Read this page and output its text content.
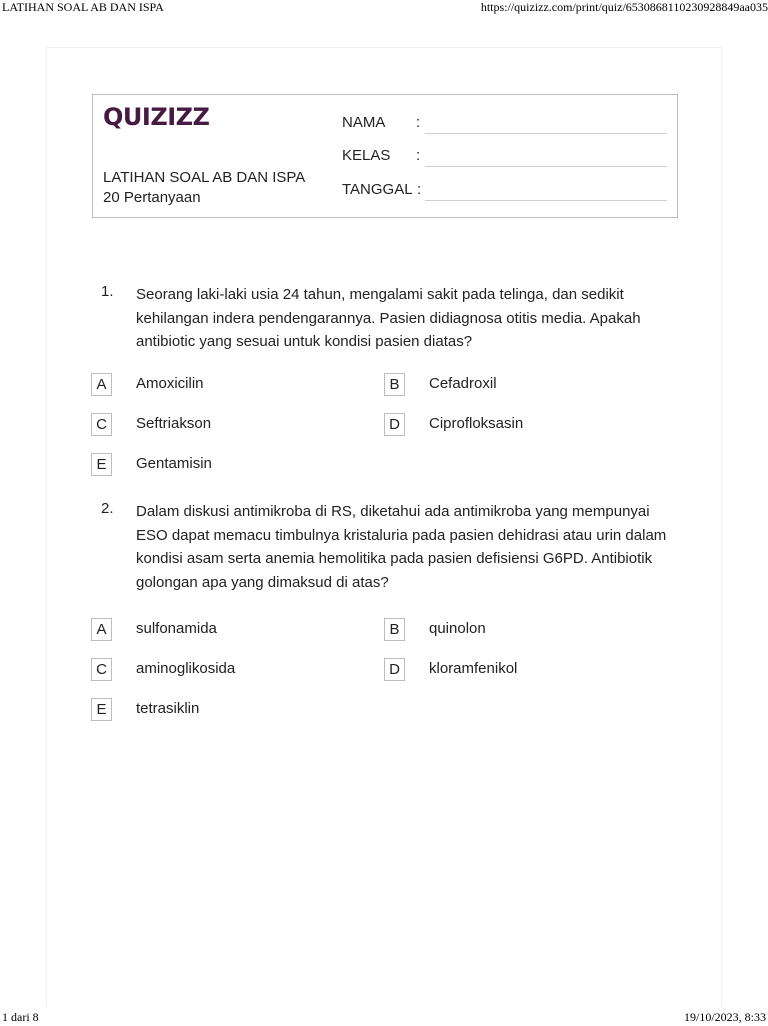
LATIHAN SOAL AB DAN ISPA	https://quizizz.com/print/quiz/6530868110230928849aa035
QUIZIZZ
LATIHAN SOAL AB DAN ISPA
20 Pertanyaan
NAMA :
KELAS :
TANGGAL :
1. Seorang laki-laki usia 24 tahun, mengalami sakit pada telinga, dan sedikit kehilangan indera pendengarannya. Pasien didiagnosa otitis media. Apakah antibiotic yang sesuai untuk kondisi pasien diatas?
A	Amoxicilin	B	Cefadroxil
C	Seftriakson	D	Ciprofloksasin
E	Gentamisin
2. Dalam diskusi antimikroba di RS, diketahui ada antimikroba yang mempunyai ESO dapat memacu timbulnya kristaluria pada pasien dehidrasi atau urin dalam kondisi asam serta anemia hemolitika pada pasien defisiensi G6PD. Antibiotik golongan apa yang dimaksud di atas?
A	sulfonamida	B	quinolon
C	aminoglikosida	D	kloramfenikol
E	tetrasiklin
1 dari 8	19/10/2023, 8:33
